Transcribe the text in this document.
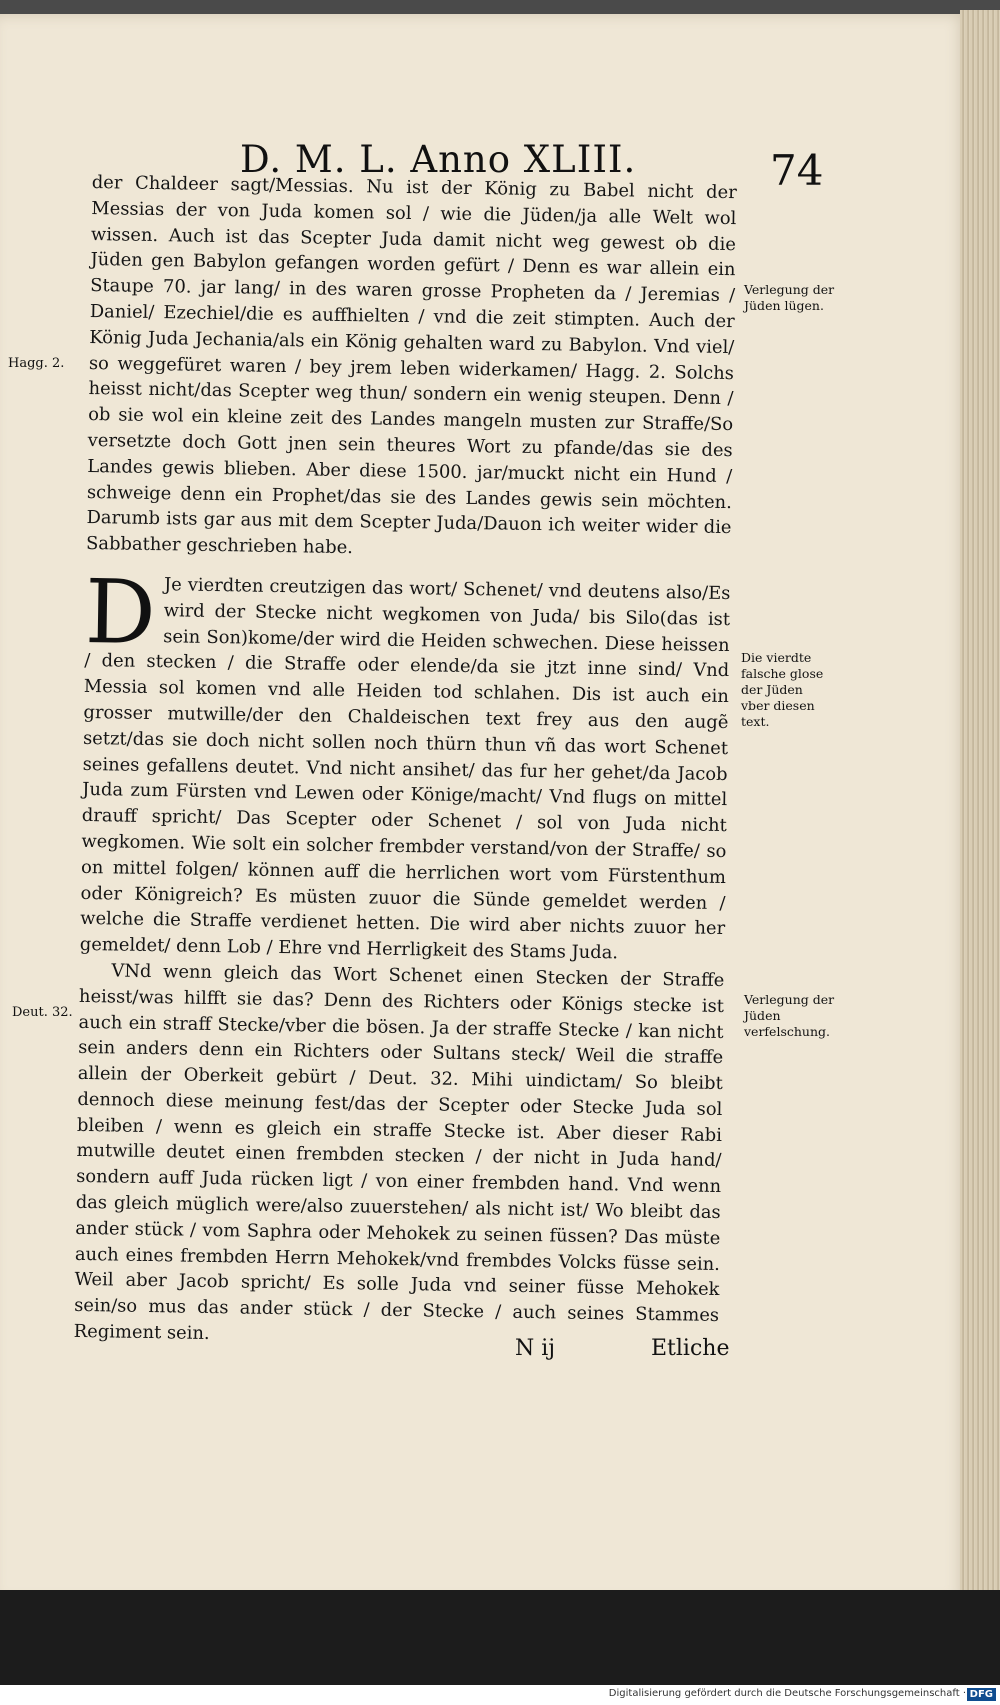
D. M. L. Anno XLIII.	74
Hagg. 2.
Deut. 32.
Verlegung der Jüden lügen.
Die vierdte falsche glose der Jüden vber diesen text.
Verlegung der Jüden verfelschung.

der Chaldeer sagt/Messias. Nu ist der König zu Babel nicht der Messias der von Juda komen sol / wie die Jüden/ja alle Welt wol wissen. Auch ist das Scepter Juda damit nicht weg gewest ob die Jüden gen Babylon gefangen worden gefürt / Denn es war allein ein Staupe 70. jar lang/ in des waren grosse Propheten da / Jeremias / Daniel/ Ezechiel/die es auffhielten / vnd die zeit stimpten. Auch der König Juda Jechania/als ein König gehalten ward zu Babylon. Vnd viel/ so weggefüret waren / bey jrem leben widerkamen/ Hagg. 2. Solchs heisst nicht/das Scepter weg thun/ sondern ein wenig steupen. Denn / ob sie wol ein kleine zeit des Landes mangeln musten zur Straffe/So versetzte doch Gott jnen sein theures Wort zu pfande/das sie des Landes gewis blieben. Aber diese 1500. jar/muckt nicht ein Hund / schweige denn ein Prophet/das sie des Landes gewis sein möchten. Darumb ists gar aus mit dem Scepter Juda/Dauon ich weiter wider die Sabbather geschrieben habe.

D Je vierdten creutzigen das wort/ Schenet/ vnd deutens also/Es wird der Stecke nicht wegkomen von Juda/ bis Silo(das ist sein Son)kome/der wird die Heiden schwechen. Diese heissen / den stecken / die Straffe oder elende/da sie jtzt inne sind/ Vnd Messia sol komen vnd alle Heiden tod schlahen. Dis ist auch ein grosser mutwille/der den Chaldeischen text frey aus den augẽ setzt/das sie doch nicht sollen noch thürn thun vñ das wort Schenet seines gefallens deutet. Vnd nicht ansihet/ das fur her gehet/da Jacob Juda zum Fürsten vnd Lewen oder Könige/macht/ Vnd flugs on mittel drauff spricht/ Das Scepter oder Schenet / sol von Juda nicht wegkomen. Wie solt ein solcher frembder verstand/von der Straffe/ so on mittel folgen/ können auff die herrlichen wort vom Fürstenthum oder Königreich? Es müsten zuuor die Sünde gemeldet werden / welche die Straffe verdienet hetten. Die wird aber nichts zuuor her gemeldet/ denn Lob / Ehre vnd Herrligkeit des Stams Juda.

VNd wenn gleich das Wort Schenet einen Stecken der Straffe heisst/was hilfft sie das? Denn des Richters oder Königs stecke ist auch ein straff Stecke/vber die bösen. Ja der straffe Stecke / kan nicht sein anders denn ein Richters oder Sultans steck/ Weil die straffe allein der Oberkeit gebürt / Deut. 32. Mihi uindictam/ So bleibt dennoch diese meinung fest/das der Scepter oder Stecke Juda sol bleiben / wenn es gleich ein straffe Stecke ist. Aber dieser Rabi mutwille deutet einen frembden stecken / der nicht in Juda hand/ sondern auff Juda rücken ligt / von einer frembden hand. Vnd wenn das gleich müglich were/also zuuerstehen/ als nicht ist/ Wo bleibt das ander stück / vom Saphra oder Mehokek zu seinen füssen? Das müste auch eines frembden Herrn Mehokek/vnd frembdes Volcks füsse sein. Weil aber Jacob spricht/ Es solle Juda vnd seiner füsse Mehokek sein/so mus das ander stück / der Stecke / auch seines Stammes Regiment sein.

N ij	Etliche
Digitalisierung gefördert durch die Deutsche Forschungsgemeinschaft · DFG
